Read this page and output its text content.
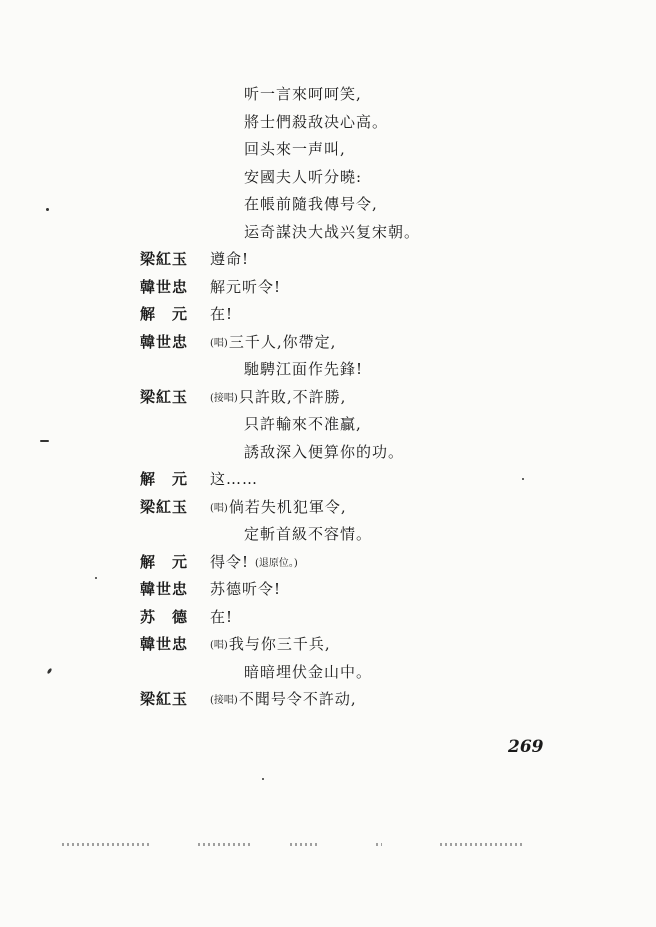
听一言來呵呵笑,
將士們殺敌决心高。
回头來一声叫,
安國夫人听分曉:
在帳前隨我傳号令,
运奇謀決大战兴复宋朝。
梁紅玉	遵命!
韓世忠	解元听令!
解　元	在!
韓世忠	(唱)三千人,你帶定,
馳騁江面作先鋒!
梁紅玉	(接唱)只許敗,不許勝,
只許輸來不准贏,
誘敌深入便算你的功。
解　元	这……
梁紅玉	(唱)倘若失机犯軍令,
定斬首級不容情。
解　元	得令! (退原位。)
韓世忠	苏德听令!
苏　德	在!
韓世忠	(唱)我与你三千兵,
暗暗埋伏金山中。
梁紅玉	(接唱)不聞号令不許动,
269
